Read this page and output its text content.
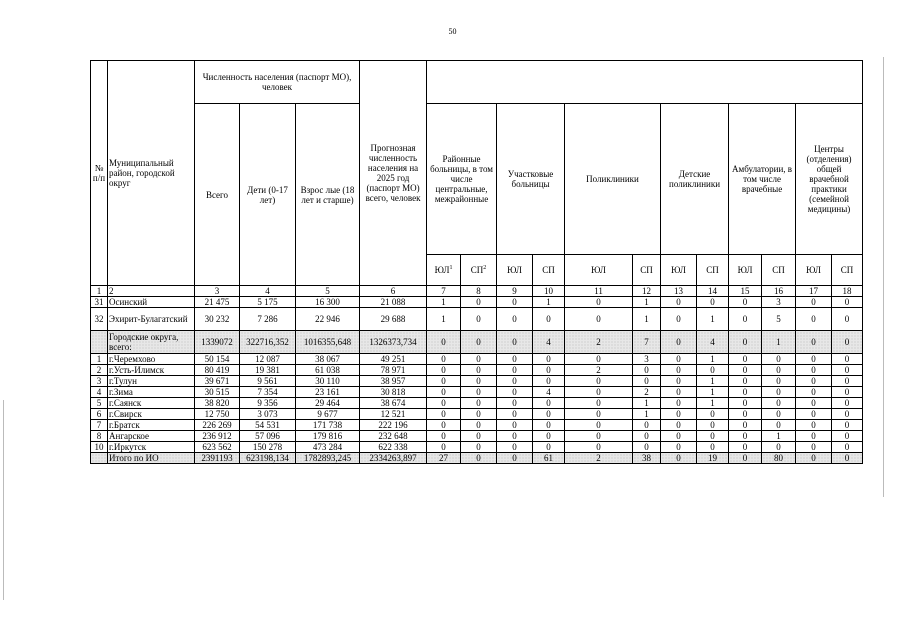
50
№ п/п	Муниципальный район, городской округ	Численность населения (паспорт МО), человек			Прогнозная численность населения на 2025 год (паспорт МО) всего, человек												
		Всего	Дети (0-17 лет)	Взрос лые (18 лет и старше)		Районные больницы, в том числе центральные, межрайонные		Участковые больницы		Поликлиники		Детские поликлиники		Амбулатории, в том числе врачебные		Центры (отделения) общей врачебной практики (семейной медицины)	
						$ЮЛ^1$	$СП^2$	ЮЛ	СП	ЮЛ	СП	ЮЛ	СП	ЮЛ	СП	ЮЛ	СП
1	2	3	4	5	6	7	8	9	10	11	12	13	14	15	16	17	18
31	Осинский	21 475	5 175	16 300	21 088	1	0	0	1	0	1	0	0	0	3	0	0
32	Эхирит-Булагатский	30 232	7 286	22 946	29 688	1	0	0	0	0	1	0	1	0	5	0	0
	Городские округа, всего:	1339072	322716,352	1016355,648	1326373,734	0	0	0	4	2	7	0	4	0	1	0	0
1	г.Черемхово	50 154	12 087	38 067	49 251	0	0	0	0	0	3	0	1	0	0	0	0
2	г.Усть-Илимск	80 419	19 381	61 038	78 971	0	0	0	0	2	0	0	0	0	0	0	0
3	г.Тулун	39 671	9 561	30 110	38 957	0	0	0	0	0	0	0	1	0	0	0	0
4	г.Зима	30 515	7 354	23 161	30 818	0	0	0	4	0	2	0	1	0	0	0	0
5	г.Саянск	38 820	9 356	29 464	38 674	0	0	0	0	0	1	0	1	0	0	0	0
6	г.Свирск	12 750	3 073	9 677	12 521	0	0	0	0	0	1	0	0	0	0	0	0
7	г.Братск	226 269	54 531	171 738	222 196	0	0	0	0	0	0	0	0	0	0	0	0
8	Ангарское	236 912	57 096	179 816	232 648	0	0	0	0	0	0	0	0	0	1	0	0
10	г.Иркутск	623 562	150 278	473 284	622 338	0	0	0	0	0	0	0	0	0	0	0	0
	Итого по ИО	2391193	623198,134	1782893,245	2334263,897	27	0	0	61	2	38	0	19	0	80	0	0
